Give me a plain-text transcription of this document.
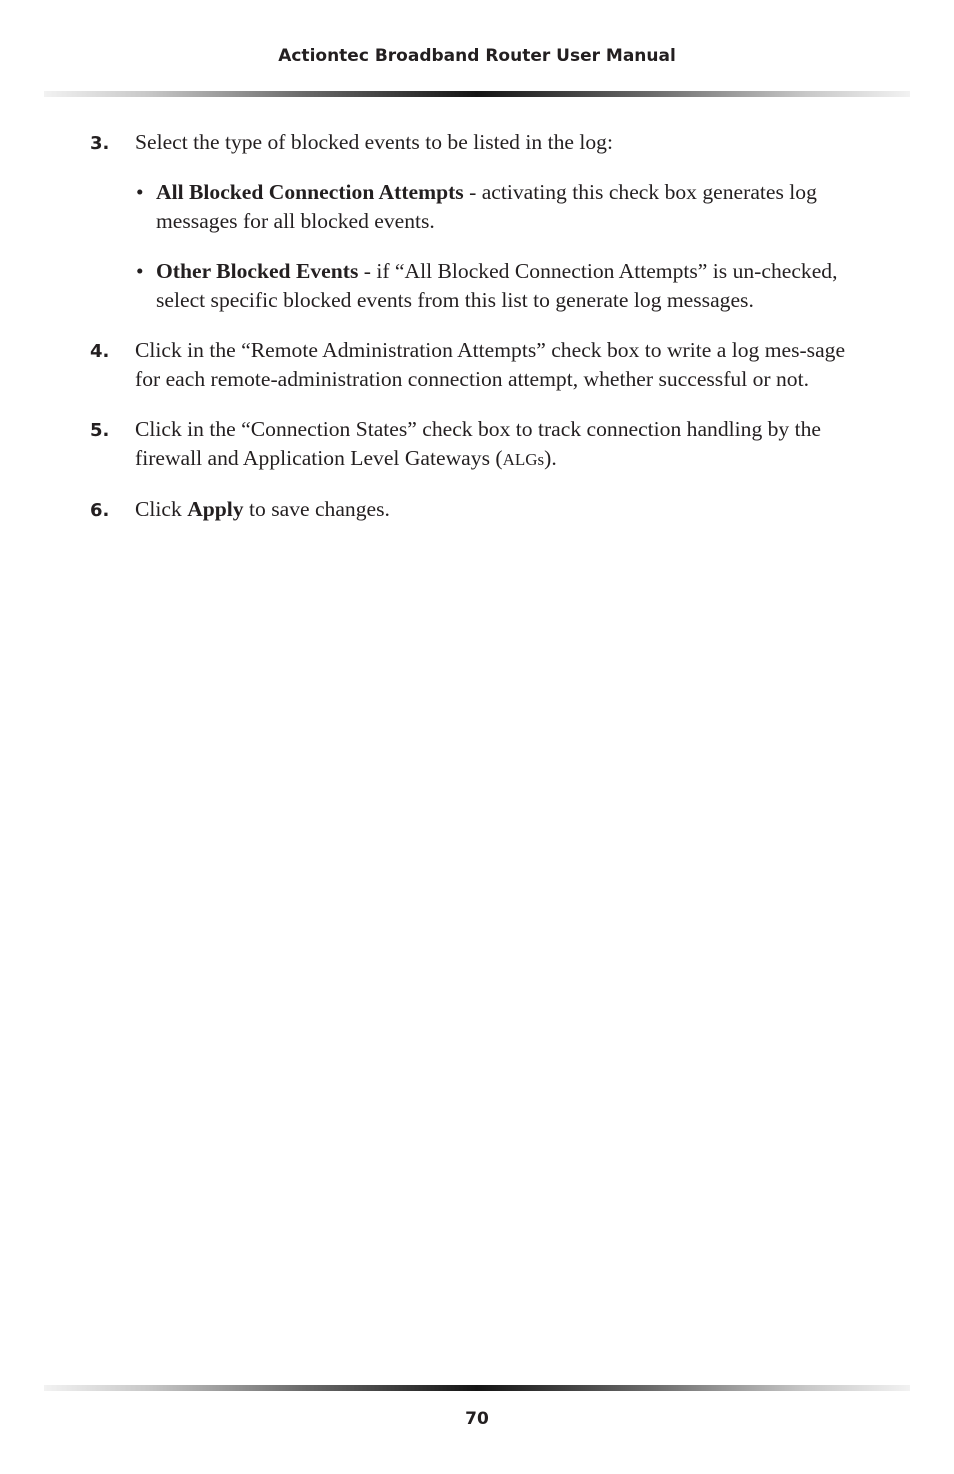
Actiontec Broadband Router User Manual
3. Select the type of blocked events to be listed in the log:
• All Blocked Connection Attempts - activating this check box generates log messages for all blocked events.
• Other Blocked Events - if “All Blocked Connection Attempts” is un-checked, select specific blocked events from this list to generate log messages.
4. Click in the “Remote Administration Attempts” check box to write a log mes-sage for each remote-administration connection attempt, whether successful or not.
5. Click in the “Connection States” check box to track connection handling by the firewall and Application Level Gateways (ALGs).
6. Click Apply to save changes.
70
